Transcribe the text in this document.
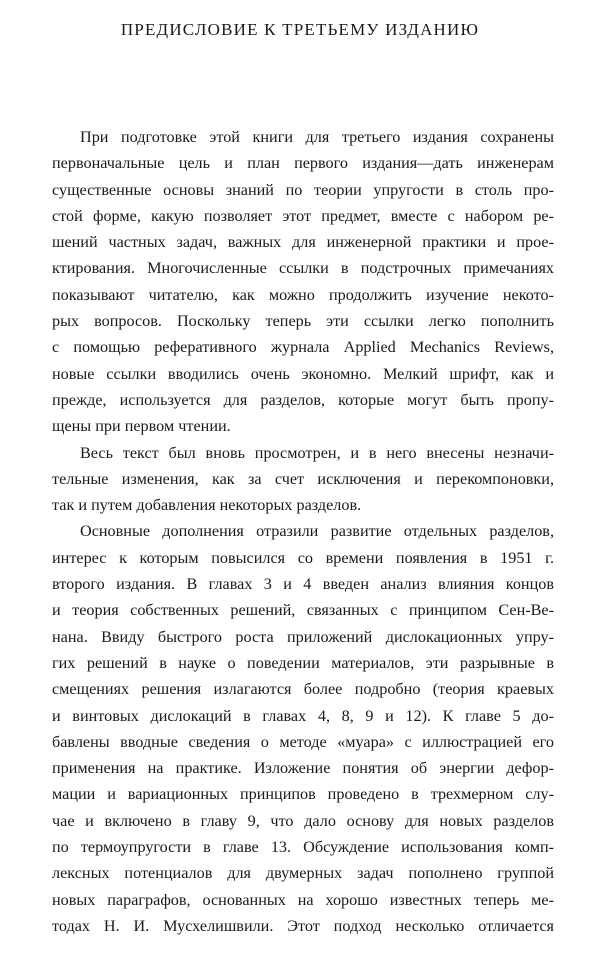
ПРЕДИСЛОВИЕ К ТРЕТЬЕМУ ИЗДАНИЮ

При подготовке этой книги для третьего издания сохранены
первоначальные цель и план первого издания—дать инженерам
существенные основы знаний по теории упругости в столь про-
стой форме, какую позволяет этот предмет, вместе с набором ре-
шений частных задач, важных для инженерной практики и прое-
ктирования. Многочисленные ссылки в подстрочных примечаниях
показывают читателю, как можно продолжить изучение некото-
рых вопросов. Поскольку теперь эти ссылки легко пополнить
с помощью реферативного журнала Applied Mechanics Reviews,
новые ссылки вводились очень экономно. Мелкий шрифт, как и
прежде, используется для разделов, которые могут быть пропу-
щены при первом чтении.

Весь текст был вновь просмотрен, и в него внесены незначи-
тельные изменения, как за счет исключения и перекомпоновки,
так и путем добавления некоторых разделов.

Основные дополнения отразили развитие отдельных разделов,
интерес к которым повысился со времени появления в 1951 г.
второго издания. В главах 3 и 4 введен анализ влияния концов
и теория собственных решений, связанных с принципом Сен-Ве-
нана. Ввиду быстрого роста приложений дислокационных упру-
гих решений в науке о поведении материалов, эти разрывные в
смещениях решения излагаются более подробно (теория краевых
и винтовых дислокаций в главах 4, 8, 9 и 12). К главе 5 до-
бавлены вводные сведения о методе «муара» с иллюстрацией его
применения на практике. Изложение понятия об энергии дефор-
мации и вариационных принципов проведено в трехмерном слу-
чае и включено в главу 9, что дало основу для новых разделов
по термоупругости в главе 13. Обсуждение использования комп-
лексных потенциалов для двумерных задач пополнено группой
новых параграфов, основанных на хорошо известных теперь ме-
тодах Н. И. Мусхелишвили. Этот подход несколько отличается
